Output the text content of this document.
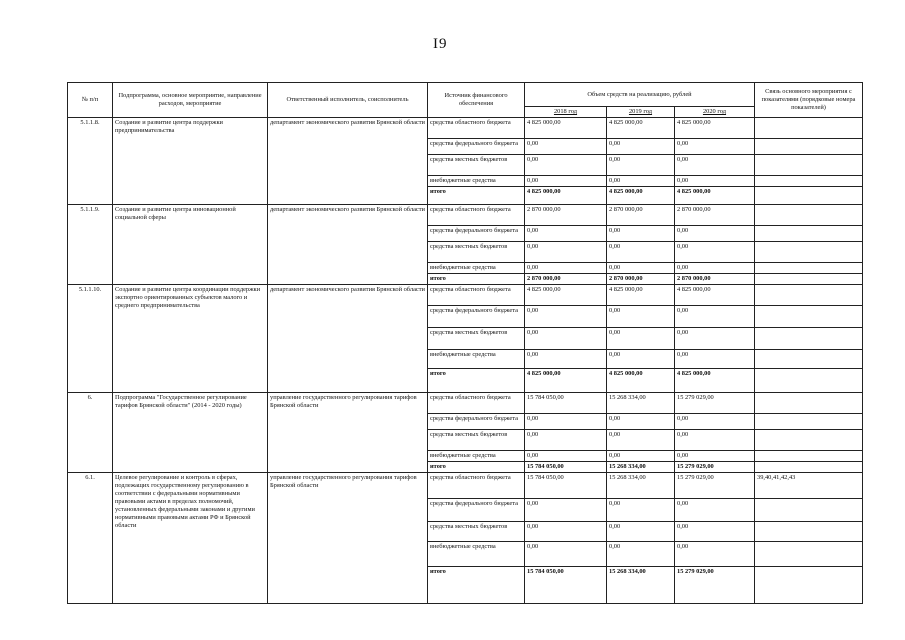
I9
№ п/п	Подпрограмма, основное мероприятие, направление расходов, мероприятие	Ответственный исполнитель, соисполнитель	Источник финансового обеспечения	Объем средств на реализацию, рублей			Связь основного мероприятия с показателями (порядковые номера показателей)
				2018 год	2019 год	2020 год	
5.1.1.8.	Создание и развитие центра поддержки предпринимательства	департамент экономического развития Брянской области	средства областного бюджета	4 825 000,00	4 825 000,00	4 825 000,00	
			средства федерального бюджета	0,00	0,00	0,00	
			средства местных бюджетов	0,00	0,00	0,00	
			внебюджетные средства	0,00	0,00	0,00	
			итого	4 825 000,00	4 825 000,00	4 825 000,00	
5.1.1.9.	Создание и развитие центра инновационной социальной сферы	департамент экономического развития Брянской области	средства областного бюджета	2 870 000,00	2 870 000,00	2 870 000,00	
			средства федерального бюджета	0,00	0,00	0,00	
			средства местных бюджетов	0,00	0,00	0,00	
			внебюджетные средства	0,00	0,00	0,00	
			итого	2 870 000,00	2 870 000,00	2 870 000,00	
5.1.1.10.	Создание и развитие центра координации поддержки экспортно ориентированных субъектов малого и среднего предпринимательства	департамент экономического развития Брянской области	средства областного бюджета	4 825 000,00	4 825 000,00	4 825 000,00	
			средства федерального бюджета	0,00	0,00	0,00	
			средства местных бюджетов	0,00	0,00	0,00	
			внебюджетные средства	0,00	0,00	0,00	
			итого	4 825 000,00	4 825 000,00	4 825 000,00	
6.	Подпрограмма "Государственное регулирование тарифов Брянской области" (2014 - 2020 годы)	управление государственного регулирования тарифов Брянской области	средства областного бюджета	15 784 050,00	15 268 334,00	15 279 029,00	
			средства федерального бюджета	0,00	0,00	0,00	
			средства местных бюджетов	0,00	0,00	0,00	
			внебюджетные средства	0,00	0,00	0,00	
			итого	15 784 050,00	15 268 334,00	15 279 029,00	
6.1.	Целевое регулирование и контроль в сферах, подлежащих государственному регулированию в соответствии с федеральными нормативными правовыми актами в пределах полномочий, установленных федеральными законами и другими нормативными правовыми актами РФ и Брянской области	управление государственного регулирования тарифов Брянской области	средства областного бюджета	15 784 050,00	15 268 334,00	15 279 029,00	39,40,41,42,43
			средства федерального бюджета	0,00	0,00	0,00	
			средства местных бюджетов	0,00	0,00	0,00	
			внебюджетные средства	0,00	0,00	0,00	
			итого	15 784 050,00	15 268 334,00	15 279 029,00	
